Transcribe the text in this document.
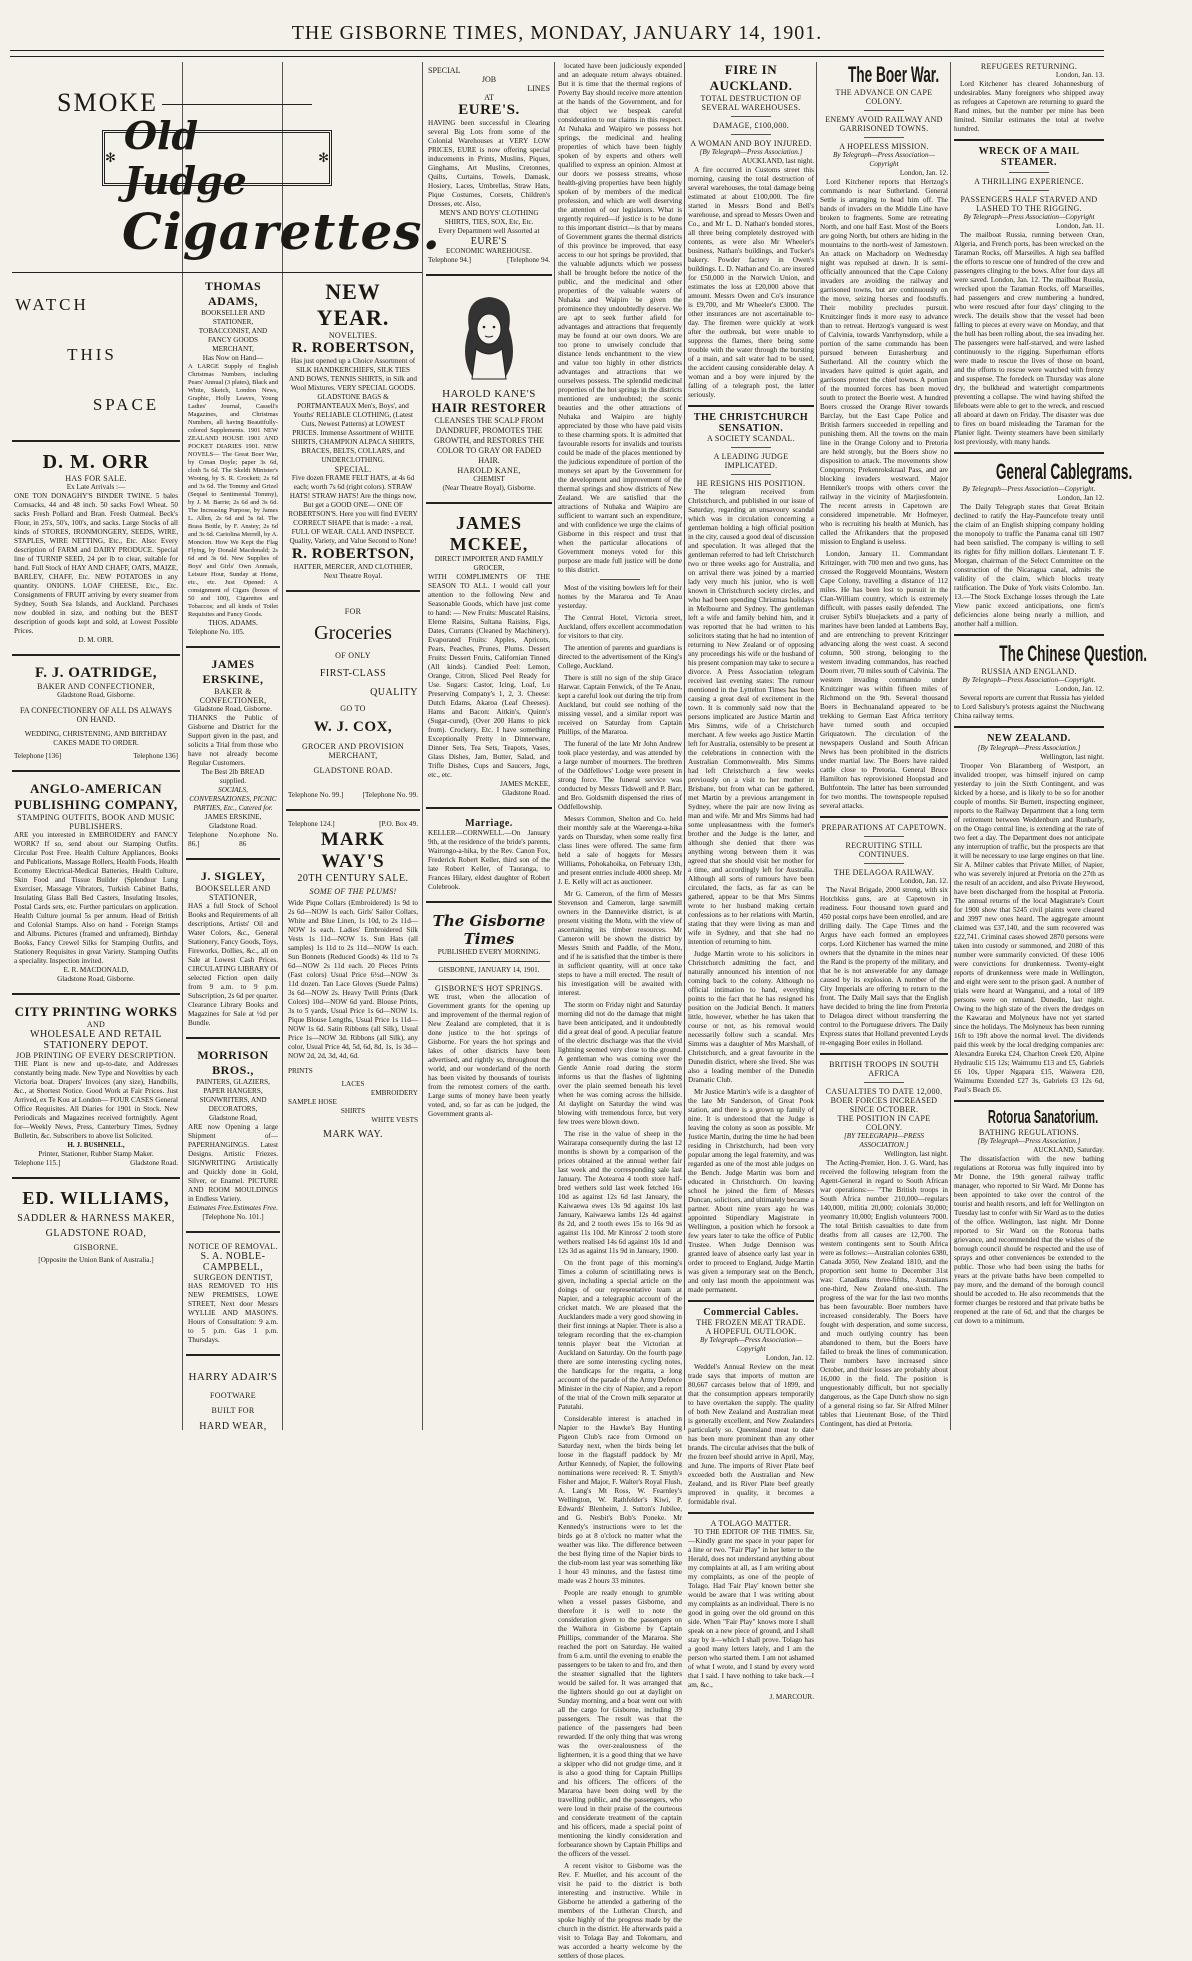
THE GISBORNE TIMES, MONDAY, JANUARY 14, 1901.
SMOKE
✻ Old Judge	✻
Cigarettes.
WATCH
THIS
SPACE
D. M. ORR
HAS FOR SALE.
Ex Late Arrivals :—
ONE TON DONAGHY'S BINDER TWINE. 5 bales Cornsacks, 44 and 48 inch. 50 sacks Fowl Wheat. 50 sacks Fresh Pollard and Bran. Fresh Oatmeal. Beck's Flour, in 25's, 50's, 100's, and sacks. Large Stocks of all kinds of STORES, IRONMONGERY, SEEDS, WIRE, STAPLES, WIRE NETTING, Etc., Etc. Also: Every description of FARM and DAIRY PRODUCE. Special line of TURNIP SEED, 24 per lb to clear, suitable for hand. Full Stock of HAY AND CHAFF, OATS, MAIZE, BARLEY, CHAFF, Etc. NEW POTATOES in any quantity. ONIONS. LOAF CHEESE, Etc., Etc. Consignments of FRUIT arriving by every steamer from Sydney, South Sea Islands, and Auckland. Purchases now doubled in size, and nothing but the BEST description of goods kept and sold, at Lowest Possible Prices.
D. M. ORR.
F. J. OATRIDGE,
BAKER AND CONFECTIONER,
Gladstone Road, Gisborne.
FA CONFECTIONERY OF ALL DS ALWAYS ON HAND.
WEDDING, CHRISTENING, AND BIRTHDAY CAKES MADE TO ORDER.
Telephone [136]	Telephone 136]
ANGLO-AMERICAN
PUBLISHING COMPANY,
STAMPING OUTFITS, BOOK AND MUSIC PUBLISHERS.
ARE you interested in EMBROIDERY and FANCY WORK? If so, send about our Stamping Outfits. Circular Post Free. Health Culture Appliances, Books and Publications, Massage Rollers, Health Foods, Health Economy Electrical-Medical Batteries, Health Culture, Skin Food and Tissue Builder (Splendour Lung Exerciser, Massage Vibrators, Turkish Cabinet Baths, Insulating Glass Ball Bed Casters, Insulating Insoles, Postal Cards sets, etc. Further particulars on application. Health Culture journal 5s per annum. Head of British and Colonial Stamps. Also on hand - Foreign Stamps and Albums. Pictures (framed and unframed), Birthday Books, Fancy Crewel Silks for Stamping Outfits, and Stationery Requisites in great Variety. Stamping Outfits a speciality. Inspection invited.
E. R. MACDONALD,
Gladstone Road, Gisborne.
CITY PRINTING WORKS
AND
WHOLESALE AND RETAIL STATIONERY DEPOT.
JOB PRINTING OF EVERY DESCRIPTION.
THE Plant is new and up-to-date, and Addresses constantly being made. New Type and Novelties by each Victoria boat. Drapers' Invoices (any size), Handbills, &c., at Shortest Notice. Good Work at Fair Prices. Just Arrived, ex Te Kou at London— FOUR CASES General Office Requisites. All Diaries for 1901 in Stock. New Periodicals and Magazines received fortnightly. Agent for—Weekly News, Press, Canterbury Times, Sydney Bulletin, &c. Subscribers to above list Solicited.
H. J. BUSHNELL,
Printer, Stationer, Rubber Stamp Maker.
Telephone 115.]	Gladstone Road.
ED. WILLIAMS,
SADDLER & HARNESS MAKER,
GLADSTONE ROAD,
GISBORNE.
[Opposite the Union Bank of Australia.]
THOMAS ADAMS,
BOOKSELLER AND STATIONER, TOBACCONIST, AND FANCY GOODS MERCHANT,
Has Now on Hand—
A LARGE Supply of English Christmas Numbers, including Pears' Annual (3 plates), Black and White, Sketch, London News, Graphic, Holly Leaves, Young Ladies' Journal, Cassell's Magazines, and Christmas Numbers, all having Beautifully-colored Supplements. 1901 NEW ZEALAND HOUSE 1901 AND POCKET DIARIES 1901. NEW NOVELS— The Great Boer War, by Conan Doyle; paper 3s 6d, cloth 5s 6d. The Skeldt Minister's Wooing, by S. R. Crockett; 2s 6d and 3s 6d. The Tommy and Grizel (Sequel to Sentimental Tommy), by J. M. Barrie; 2s 6d and 3s 6d. The Increasing Purpose, by James L. Allen, 2s 6d and 3s 6d. The Brass Bottle, by F. Anstey; 2s 6d and 3s 6d. Cariolina Merrell, by A. Moncion. How We Kept the Flag Flying, by Donald Macdonald; 2s 6d and 3s 6d. New Supplies of Boys' and Girls' Own Annuals, Leisure Hour, Sunday at Home, etc., etc. Just Opened: A consignment of Cigars (boxes of 50 and 100), Cigarettes and Tobaccos; and all kinds of Toilet Requisites and Fancy Goods.
THOS. ADAMS.
Telephone No. 105.
JAMES ERSKINE,
BAKER & CONFECTIONER,
Gladstone Road, Gisborne.
THANKS the Public of Gisborne and District for the Support given in the past, and solicits a Trial from those who have not already become Regular Customers.
The Best 2lb BREAD supplied.
SOCIALS, CONVERSAZIONES, PICNIC PARTIES, Etc., Catered for.
JAMES ERSKINE,
Gladstone Road.
Telephone No. 86.]
ephone No. 86
J. SIGLEY,
BOOKSELLER AND STATIONER,
HAS a full Stock of School Books and Requirements of all descriptions, Artists' Oil and Water Colors, &c., General Stationery, Fancy Goods, Toys, Fireworks, Dollies, &c., all on Sale at Lowest Cash Prices. CIRCULATING LIBRARY Of selected Fiction open daily from 9 a.m. to 9 p.m. Subscription, 2s 6d per quarter. Clearance Library Books and Magazines for Sale at ½d per Bundle.
MORRISON BROS.,
PAINTERS, GLAZIERS, PAPER HANGERS, SIGNWRITERS, AND DECORATORS,
Gladstone Road,
ARE now Opening a large Shipment of— PAPERHANGINGS. Latest Designs. Artistic Friezes. SIGNWRITING Artistically and Quickly done in Gold, Silver, or Enamel. PICTURE AND ROOM MOULDINGS in Endless Variety.
Estimates Free. Estimates Free.
[Telephone No. 101.]
NOTICE OF REMOVAL.
S. A. NOBLE-CAMPBELL,
SURGEON DENTIST,
HAS REMOVED TO HIS NEW PREMISES, LOWE STREET, Next door Messrs WYLLIE AND MASON'S. Hours of Consultation: 9 a.m. to 5 p.m. Gas 1 p.m. Thursdays.
HARRY ADAIR'S
FOOTWARE
BUILT FOR
HARD WEAR,
NEW YEAR.
NOVELTIES.
R. ROBERTSON,
Has just opened up a Choice Assortment of SILK HANDKERCHIEFS, SILK TIES AND BOWS, TENNIS SHIRTS, in Silk and Wool Mixtures. VERY SPECIAL GOODS. GLADSTONE BAGS & PORTMANTEAUX Men's, Boys', and Youths' RELIABLE CLOTHING, (Latest Cuts, Newest Patterns) at LOWEST PRICES. Immense Assortment of WHITE SHIRTS, CHAMPION ALPACA SHIRTS, BRACES, BELTS, COLLARS, and UNDERCLOTHING.
SPECIAL.
Five dozen FRAME FELT HATS, at 4s 6d each; worth 7s 6d (right colors). STRAW HATS! STRAW HATS! Are the things now, But get a GOOD ONE— ONE OF ROBERTSON'S. Here you will find EVERY CORRECT SHAPE that is made: - a real, FULL OF WEAR. CALL AND INSPECT. Quality, Variety, and Value Second to None!
R. ROBERTSON,
HATTER, MERCER, AND CLOTHIER,
Next Theatre Royal.
FOR
Groceries
OF ONLY
FIRST-CLASS
QUALITY
GO TO
W. J. COX,
GROCER AND PROVISION MERCHANT,
GLADSTONE ROAD.
Telephone No. 99.]	[Telephone No. 99.
Telephone 124.]	[P.O. Box 49.
MARK WAY'S
20TH CENTURY SALE.
SOME OF THE PLUMS!
Wide Pique Collars (Embroidered) 1s 9d to 2s 6d—NOW 1s each. Girls' Sailor Collars, White and Blue Linen, 1s 10d, to 2s 11d—NOW 1s each. Ladies' Embroidered Silk Vests 1s 11d—NOW 1s. Sun Hats (all samples) 1s 11d to 2s 11d—NOW 1s each. Sun Bonnets (Reduced Goods) 4s 11d to 7s 6d—NOW 2s 11d each. 20 Pieces Prints (Fast colors) Usual Price 6½d—NOW 3s 11d dozen. Tan Lace Gloves (Suede Palms) 3s 6d—NOW 2s. Heavy Twill Prints (Dark Colors) 10d—NOW 6d yard. Blouse Prints, 3s to 5 yards, Usual Price 1s 6d—NOW 1s. Pique Blouse Lengths, Usual Price 1s 11d—NOW 1s 6d. Satin Ribbons (all Silk), Usual Price 1s—NOW 3d. Ribbons (all Silk), any color, Usual Price 4d, 5d, 6d, 8d, 1s, 1s 3d—NOW 2d, 2d, 3d, 4d, 6d.
PRINTS
LACES
EMBROIDERY
SAMPLE HOSE
SHIRTS
WHITE VESTS
MARK WAY.
SPECIAL
JOB
LINES
AT
EURE'S.
HAVING been successful in Clearing several Big Lots from some of the Colonial Warehouses at VERY LOW PRICES, EURE is now offering special inducements in Prints, Muslins, Piques, Ginghams, Art Muslins, Cretonnes, Quilts, Curtains, Towels, Damask, Hosiery, Laces, Umbrellas, Straw Hats, Pique Costumes, Corsets, Children's Dresses, etc. Also,
MEN'S AND BOYS' CLOTHING SHIRTS, TIES, SOX, Etc, Etc.
Every Department well Assorted at
EURE'S
ECONOMIC WAREHOUSE.
Telephone 94.]	[Telephone 94.
HAROLD KANE'S
HAIR RESTORER
CLEANSES THE SCALP FROM DANDRUFF, PROMOTES THE GROWTH, and RESTORES THE COLOR TO GRAY OR FADED HAIR.
HAROLD KANE,
CHEMIST
(Near Theatre Royal), Gisborne.
JAMES MCKEE,
DIRECT IMPORTER AND FAMILY GROCER,
WITH COMPLIMENTS OF THE SEASON TO ALL. I would call your attention to the following New and Seasonable Goods, which have just come to hand: — New Fruits: Muscatel Raisins, Eleme Raisins, Sultana Raisins, Figs, Dates, Currants (Cleaned by Machinery). Evaporated Fruits: Apples, Apricots, Pears, Peaches, Prunes, Plums. Dessert Fruits: Dessert Fruits, Californian Tinned (All kinds). Candied Peel: Lemon, Orange, Citron, Sliced Peel Ready for Use. Sugars: Castor, Icing, Loaf, Lu Preserving Company's 1, 2, 3. Cheese: Dutch Edams, Akaroa (Leaf Cheeses). Hams and Bacon: Aitkin's, Quinn's (Sugar-cured), (Over 200 Hams to pick from). Crockery, Etc. I have something Exceptionally Pretty in Dinnerware, Dinner Sets, Tea Sets, Teapots, Vases, Glass Dishes, Jam, Butter, Salad, and Trifle Dishes, Cups and Saucers, Jugs, etc., etc.
JAMES McKEE,
Gladstone Road.
Marriage.
KELLER—CORNWELL.—On January 9th, at the residence of the bride's parents, Wairongo-a-hika, by the Rev. Canon Fox, Frederick Robert Keller, third son of the late Robert Keller, of Tauranga, to Frances Hilary, eldest daughter of Robert Colebrook.
The Gisborne Times
PUBLISHED EVERY MORNING.
GISBORNE, JANUARY 14, 1901.
GISBORNE'S HOT SPRINGS.
WE trust, when the allocation of Government grants for the opening up and improvement of the thermal region of New Zealand are completed, that it is done justice to the hot springs of Gisborne. For years the hot springs and lakes of other districts have been advertised, and rightly so, throughout the world, and our wonderland of the north has been visited by thousands of tourists from the remotest corners of the earth. Large sums of money have been yearly voted, and, so far as can be judged, the Government grants al-

located have been judiciously expended and an adequate return always obtained. But it is time that the thermal regions of Poverty Bay should receive more attention at the hands of the Government, and for that object we bespeak careful consideration to our claims in this respect. At Nuhaka and Waipiro we possess hot springs, the medicinal and healing properties of which have been highly spoken of by experts and others well qualified to express an opinion. Almost at our doors we possess streams, whose health-giving properties have been highly spoken of by members of the medical profession, and which are well deserving the attention of our legislators. What is urgently required—if justice is to be done to this important district—is that by means of Government grants the thermal districts of this province be improved, that easy access to our hot springs be provided, that the valuable adjuncts which we possess shall be brought before the notice of the public, and the medicinal and other properties of the valuable waters of Nuhaka and Waipiro be given the prominence they undoubtedly deserve. We are apt to seek further afield for advantages and attractions that frequently may be found at our own doors. We are too prone to unwisely conclude that distance lends enchantment to the view and value too highly in other districts advantages and attractions that we ourselves possess. The splendid medicinal properties of the hot springs in the districts mentioned are undoubted; the scenic beauties and the other attractions of Nuhaka and Waipiro are highly appreciated by those who have paid visits to these charming spots. It is admitted that favourable resorts for invalids and tourists could be made of the places mentioned by the judicious expenditure of portion of the moneys set apart by the Government for the development and improvement of the thermal springs and show districts of New Zealand. We are satisfied that the attractions of Nuhaka and Waipiro are sufficient to warrant such an expenditure, and with confidence we urge the claims of Gisborne in this respect and trust that when the particular allocations of Government moneys voted for this purpose are made full justice will be done to this district.

Most of the visiting bowlers left for their homes by the Mararoa and Te Anau yesterday.

The Central Hotel, Victoria street, Auckland, offers excellent accommodation for visitors to that city.

The attention of parents and guardians is directed to the advertisement of the King's College, Auckland.

There is still no sign of the ship Grace Harwar. Captain Fenwick, of the Te Anau, kept a careful look out during the trip from Auckland, but could see nothing of the missing vessel, and a similar report was received on Saturday from Captain Phillips, of the Mararoa.

The funeral of the late Mr John Andrew took place yesterday, and was attended by a large number of mourners. The brethren of the Oddfellows' Lodge were present in strong force. The funeral service was conducted by Messrs Tidswell and P. Barr, and Bro. Goldsmith dispensed the rites of Oddfellowship.

Messrs Common, Shelton and Co. held their monthly sale at the Waerenga-a-hika yards on Thursday, when some really first class lines were offered. The same firm held a sale of hoggets for Messrs Williams, Pohokahoika, on February 13th, and present entries include 4000 sheep. Mr J. E. Kelly will act as auctioneer.

Mr G. Cameron, of the firm of Messrs Stevenson and Cameron, large sawmill owners in the Dannevirke district, is at present visiting the Motu, with the view of ascertaining its timber resources. Mr Cameron will be shown the district by Messrs Smith and Paddle, of the Motu, and if he is satisfied that the timber is there in sufficient quantity, will at once take steps to have a mill erected. The result of his investigation will be awaited with interest.

The storm on Friday night and Saturday morning did not do the damage that might have been anticipated, and it undoubtedly did a great deal of good. A peculiar feature of the electric discharge was that the vivid lightning seemed very close to the ground. A gentleman who was coming over the Gentle Annie road during the storm informs us that the flashes of lightning over the plain seemed beneath his level when he was coming across the hillside. At daylight on Saturday the wind was blowing with tremendous force, but very few trees were blown down.

The rise in the value of sheep in the Wairarapa consequently during the last 12 months is shown by a comparison of the prices obtained at the annual wether fair last week and the corresponding sale last January. The Aotearoa 4 tooth store half-bred wethers sold last week fetched 16s 10d as against 12s 6d last January, the Kaiwaewa ewes 13s 9d against 10s last January, Kaiwaewa lambs 12s 4d against 8s 2d, and 2 tooth ewes 15s to 16s 9d as against 11s 10d. Mr Kinross' 2 tooth store wethers realised 14s 6d against 10s 1d and 12s 3d as against 11s 9d in January, 1900.

On the front page of this morning's Times a column of scintillating news is given, including a special article on the doings of our representative team at Napier, and a telegraphic account of the cricket match. We are pleased that the Aucklanders made a very good showing in their first innings at Napier. There is also a telegram recording that the ex-champion tennis player beat the Victorian at Auckland on Saturday. On the fourth page there are some interesting cycling notes, the handicaps for the regatta, a long account of the parade of the Army Defence Minister in the city of Napier, and a report of the trial of the Crown milk separator at Patutahi.

Considerable interest is attached in Napier to the Hawke's Bay Hunting Pigeon Club's race from Ormond on Saturday next, when the birds being let loose in the flagstaff paddock by Mr Arthur Kennedy, of Napier, the following nominations were received: R. T. Smyth's Fisher and Major, F. Walter's Royal Flush, A. Lang's Mt Ross, W. Fearnley's Wellington, W. Rathfelder's Kiwi, P. Edwards' Blenheim, J. Sutton's Jubilee, and G. Nesbit's Bob's Poneke. Mr Kennedy's instructions were to let the birds go at 8 o'clock no matter what the weather was like. The difference between the best flying time of the Napier birds to the club-room last year was something like 1 hour 43 minutes, and the fastest time made was 2 hours 33 minutes.

People are ready enough to grumble when a vessel passes Gisborne, and therefore it is well to note the consideration given to the passengers on the Waihora in Gisborne by Captain Phillips, commander of the Mararoa. She reached the port on Saturday. He waited from 6 a.m. until the evening to enable the passengers to be taken to and fro, and then the steamer signalled that the lighters would be sailed for. It was arranged that the lighters should go out at daylight on Sunday morning, and a boat went out with all the cargo for Gisborne, including 39 passengers. The result was that the patience of the passengers had been rewarded. If the only thing that was wrong was the over-zealousness of the lightermen, it is a good thing that we have a skipper who did not grudge time, and it is also a good thing for Captain Phillips and his officers. The officers of the Mararoa have been doing well by the travelling public, and the passengers, who were loud in their praise of the courteous and considerate treatment of the captain and his officers, made a special point of mentioning the kindly consideration and forbearance shown by Captain Phillips and the officers of the vessel.

A recent visitor to Gisborne was the Rev. F. Mueller, and his account of the visit he paid to the district is both interesting and instructive. While in Gisborne he attended a gathering of the members of the Lutheran Church, and spoke highly of the progress made by the church in the district. He afterwards paid a visit to Tolaga Bay and Tokomaru, and was accorded a hearty welcome by the settlers of those places.

FIRE IN AUCKLAND.
TOTAL DESTRUCTION OF SEVERAL WAREHOUSES.
DAMAGE, £100,000.
A WOMAN AND BOY INJURED.
[By Telegraph—Press Association.]
AUCKLAND, last night.

A fire occurred in Customs street this morning, causing the total destruction of several warehouses, the total damage being estimated at about £100,000. The fire started in Messrs Bond and Bell's warehouse, and spread to Messrs Owen and Co., and Mr L. D. Nathan's bonded stores, all three being completely destroyed with contents, as were also Mr Wheeler's business, Nathan's buildings, and Tucker's bakery. Powder factory in Owen's buildings. L. D. Nathan and Co. are insured for £50,000 in the Norwich Union, and estimates the loss at £20,000 above that amount. Messrs Owen and Co's insurance is £9,700, and Mr Wheeler's £3000. The other insurances are not ascertainable to-day. The firemen were quickly at work after the outbreak, but were unable to suppress the flames, there being some trouble with the water through the bursting of a main, and salt water had to be used, the accident causing considerable delay. A woman and a boy were injured by the falling of a telegraph post, the latter seriously.

THE CHRISTCHURCH SENSATION.
A SOCIETY SCANDAL.
A LEADING JUDGE IMPLICATED.
HE RESIGNS HIS POSITION.

The telegram received from Christchurch, and published in our issue of Saturday, regarding an unsavoury scandal which was in circulation concerning a gentleman holding a high official position in the city, caused a good deal of discussion and speculation. It was alleged that the gentleman referred to had left Christchurch two or three weeks ago for Australia, and on arrival there was joined by a married lady very much his junior, who is well known in Christchurch society circles, and who had been spending Christmas holidays in Melbourne and Sydney. The gentleman left a wife and family behind him, and it was reported that he had written to his solicitors stating that he had no intention of returning to New Zealand or of opposing any proceedings his wife or the husband of his present companion may take to secure a divorce. A Press Association telegram received last evening states: The rumour mentioned in the Lyttelton Times has been causing a great deal of excitement in the town. It is commonly said now that the persons implicated are Justice Martin and Mrs Simms, wife of a Christchurch merchant. A few weeks ago Justice Martin left for Australia, ostensibly to be present at the celebrations in connection with the Australian Commonwealth. Mrs Simms had left Christchurch a few weeks previously on a visit to her mother in Brisbane, but from what can be gathered, met Martin by a previous arrangement in Sydney, where the pair are now living as man and wife. Mr and Mrs Simms had had some unpleasantness with the former's brother and the Judge is the latter, and although she denied that there was anything wrong between them it was agreed that she should visit her mother for a time, and accordingly left for Australia. Although all sorts of rumours have been circulated, the facts, as far as can be gathered, appear to be that Mrs Simms wrote to her husband making certain confessions as to her relations with Martin, stating that they were living as man and wife in Sydney, and that she had no intention of returning to him.

Judge Martin wrote to his solicitors in Christchurch admitting the fact, and naturally announced his intention of not coming back to the colony. Although no official intimation to hand, everything points to the fact that he has resigned his position on the Judicial Bench. It matters little, however, whether he has taken that course or not, as his removal would necessarily follow such a scandal. Mrs Simms was a daughter of Mrs Marshall, of Christchurch, and a great favourite in the Dunedin district, where she lived. She was also a leading member of the Dunedin Dramatic Club.

Mr Justice Martin's wife is a daughter of the late Mr Sanderson, of Great Pook station, and there is a grown up family of nine. It is understood that the Judge is leaving the colony as soon as possible. Mr Justice Martin, during the time he had been residing in Christchurch, had been very popular among the legal fraternity, and was regarded as one of the most able judges on the Bench. Judge Martin was born and educated in Christchurch. On leaving school he joined the firm of Messrs Duncan, solicitors, and ultimately became a partner. About nine years ago he was appointed Stipendiary Magistrate in Wellington, a position which he forsook a few years later to take the office of Public Trustee. When Judge Dennison was granted leave of absence early last year in order to proceed to England, Judge Martin was given a temporary seat on the Bench, and only last month the appointment was made permanent.

Commercial Cables.
THE FROZEN MEAT TRADE.
A HOPEFUL OUTLOOK.
By Telegraph—Press Association—Copyright
London, Jan. 12.

Weddel's Annual Review on the meat trade says that imports of mutton are 80,667 carcases below that of 1899, and that the consumption appears temporarily to have overtaken the supply. The quality of both New Zealand and Australian meat is generally excellent, and New Zealanders particularly so. Queensland meat to date has been more prominent than any other brands. The circular advises that the bulk of the frozen beef should arrive in April, May, and June. The imports of River Plate beef exceeded both the Australian and New Zealand, and its River Plate beef greatly improved in quality, it becomes a formidable rival.

A TOLAGO MATTER.

TO THE EDITOR OF THE TIMES. Sir,—Kindly grant me space in your paper for a line or two. "Fair Play" in her letter to the Herald, does not understand anything about my complaints at all, as I am writing about my complaints, as one of the people of Tolago. Had 'Fair Play' known better she would be aware that I was writing about my complaints as an individual. There is no good in going over the old ground on this side. When "Fair Play" knows more I shall speak on a new piece of ground, and I shall stay by it—which I shall prove. Tolago has a good many letters lately, and I am the person who started them. I am not ashamed of what I wrote, and I stand by every word that I said. I have nothing to take back.—I am, &c.,

J. MARCOUR.
The Boer War.
THE ADVANCE ON CAPE COLONY.
ENEMY AVOID RAILWAY AND GARRISONED TOWNS.
A HOPELESS MISSION.
By Telegraph—Press Association—Copyright
London, Jan. 12.

Lord Kitchener reports that Hertzog's commando is near Sutherland. General Settle is arranging to head him off. The bands of invaders on the Middle Line have broken to fragments. Some are retreating North, and one half East. Most of the Boers are going North, but others are hiding in the mountains to the north-west of Jamestown. An attack on Machadorp on Wednesday night was repulsed at dawn. It is semi-officially announced that the Cape Colony invaders are avoiding the railway and garrisoned towns, but are continuously on the move, seizing horses and foodstuffs. Their mobility precludes pursuit. Kruitzinger finds it more easy to advance than to retreat. Hertzog's vanguard is west of Calvinia, towards Vanrhynsdorp, while a portion of the same commando has been pursued between Eurasherburg and Sutherland. All the country which the invaders have quitted is quiet again, and garrisons protect the chief towns. A portion of the mounted forces has been moved south to protect the Boerie west. A hundred Boers crossed the Orange River towards Barclay, but the East Cape Police and British farmers succeeded in repelling and punishing them. All the towns on the main line in the Orange Colony and to Pretoria are held strongly, but the Boers show no disposition to attack. The movements show Conquerors; Prekenrokskraal Pass, and are blocking invaders westward. Major Henniker's troops with others cover the railway in the vicinity of Marjiesfontein. The recent arrests in Capetown are considered impenetrable. Mr Hofmeyer, who is recruiting his health at Munich, has called the Afrikanders that the proposed mission to England is useless.

London, January 11. Commandant Kritzinger, with 700 men and two guns, has crossed the Roggeveld Mountains, Western Cape Colony, travelling a distance of 112 miles. He has been lost to pursuit in the Clan-William country, which is extremely difficult, with passes easily defended. The cruiser Sybil's bluejackets and a party of marines have been landed at Lamberts Bay, and are entrenching to prevent Kritzinger advancing along the west coast. A second column, 500 strong, belonging to the western invading commandos, has reached Doorn river, 70 miles south of Calvinia. The western invading commando under Kruitzinger was within fifteen miles of Richmond on the 9th. Several thousand Boers in Bechuanaland appeared to be trekking to German East Africa territory have turned south and occupied Griquatown. The circulation of the newspapers Ousland and South African News has been prohibited in the districts under martial law. The Boers have raided cattle close to Pretoria. General Bruce Hamilton has reprovisioned Hoopstad and Bultfontein. The latter has been surrounded for two months. The townspeople repulsed several attacks.

PREPARATIONS AT CAPETOWN.
RECRUITING STILL CONTINUES.
THE DELAGOA RAILWAY.
London, Jan. 12.

The Naval Brigade, 2000 strong, with six Hotchkiss guns, are at Capetown in readiness. Four thousand town guard and 450 postal corps have been enrolled, and are drilling daily. The Cape Times and the Argus have each formed an employees corps. Lord Kitchener has warned the mine owners that the dynamite in the mines near the Rand is the property of the military, and that he is not answerable for any damage caused by its explosion. A number of the City Imperials are offering to return to the front. The Daily Mail says that the English have decided to bring the line from Pretoria to Delagoa direct without transferring the control to the Portuguese drivers. The Daily Express states that Holland prevented Leyds re-engaging Boer exiles in Holland.

BRITISH TROOPS IN SOUTH AFRICA
CASUALTIES TO DATE 12,000.
BOER FORCES INCREASED SINCE OCTOBER.
THE POSITION IN CAPE COLONY.
[BY TELEGRAPH—PRESS ASSOCIATION.]
Wellington, last night.

The Acting-Premier, Hon. J. G. Ward, has received the following telegram from the Agent-General in regard to South African war operations:— "The British troops in South Africa number 210,000—regulars 140,000, militia 20,000; colonials 30,000; yeomanry 10,000; English volunteers 7000. The total British casualties to date from deaths from all causes are 12,700. The western contingents sent to South Africa were as follows:—Australian colonies 6380, Canada 3050, New Zealand 1810, and the proportion sent home to December 31st was: Canadians three-fifths, Australians one-third, New Zealand one-sixth. The progress of the war for the last two months has been favourable. Boer numbers have increased considerably. The Boers have fought with desperation, and some success, and much outlying country has been abandoned to them, but the Boers have failed to break the lines of communication. Their numbers have increased since October, and their losses are probably about 16,000 in the field. The position is unquestionably difficult, but not specially dangerous, as the Cape Dutch show no sign of a general rising so far. Sir Alfred Milner tables that Lieutenant Bose, of the Third Contingent, has died at Pretoria.

REFUGEES RETURNING.
London, Jan. 13.

Lord Kitchener has cleared Johannesburg of undesirables. Many foreigners who shipped away as refugees at Capetown are returning to guard the Rand mines, but the number per mine has been limited. Similar estimates the total at twelve hundred.

WRECK OF A MAIL STEAMER.
A THRILLING EXPERIENCE.
PASSENGERS HALF STARVED AND LASHED TO THE RIGGING.
By Telegraph—Press Association—Copyright
London, Jan. 11.

The mailboat Russia, running between Oran, Algeria, and French ports, has been wrecked on the Taraman Rocks, off Marseilles. A high sea baffled the efforts to rescue one of hundred of the crew and passengers clinging to the bows. After four days all were saved. London, Jan. 12. The mailboat Russia, wrecked upon the Taraman Rocks, off Marseilles, had passengers and crew numbering a hundred, who were rescued after four days' clinging to the wreck. The details show that the vessel had been falling to pieces at every wave on Monday, and that the hull has been rolling about, the sea invading her. The passengers were half-starved, and were lashed continuously to the rigging. Superhuman efforts were made to rescue the lives of those on board, and the efforts to rescue were watched with frenzy and suspense. The foredeck on Thursday was alone dry, the bulkhead and watertight compartments preventing a collapse. The wind having shifted the lifeboats were able to get to the wreck, and rescued all aboard at dawn on Friday. The disaster was due to fires on board misleading the Taraman for the Planier light. Twenty steamers have been similarly lost previously, with many hands.

General Cablegrams.
By Telegraph—Press Association—Copyright.
London, Jan 12.

The Daily Telegraph states that Great Britain declined to ratify the Hay-Pauncefote treaty until the claim of an English shipping company holding the monopoly to traffic the Panama canal till 1907 had been satisfied. The company is willing to sell its rights for fifty million dollars. Lieutenant T. F. Morgan, chairman of the Select Committee on the construction of the Nicaragua canal, admits the validity of the claim, which blocks treaty ratification. The Duke of York visits Colombo. Jan. 13.—The Stock Exchange losses through the Late View panic exceed anticipations, one firm's deficiencies alone being nearly a million, and another half a million.

The Chinese Question.
RUSSIA AND ENGLAND.
By Telegraph—Press Association—Copyright.
London, Jan. 12.

Several reports are current that Russia has yielded to Lord Salisbury's protests against the Niuchwang China railway terms.

NEW ZEALAND.
[By Telegraph—Press Association.]
Wellington, last night.

Trooper Von Blaramberg of Westport, an invalided trooper, was himself injured on camp yesterday to join the Sixth Contingent, and was kicked by a horse, and is likely to be so for another couple of months. Sir Burnett, inspecting engineer, reports to the Railway Department that a long term of retirement between Weddenburn and Runbarly, on the Otago central line, is extending at the rate of two feet a day. The Department does not anticipate any interruption of traffic, but the prospects are that it will be necessary to use large engines on that line. Sir A. Milner cables that Private Miller, of Napier, who was severely injured at Pretoria on the 27th as the result of an accident, and also Private Heywood, have been discharged from the hospital at Pretoria. The annual returns of the local Magistrate's Court for 1900 show that 5245 civil plaints were cleared and 3997 new ones heard. The aggregate amount claimed was £37,140, and the sum recovered was £22,741. Criminal cases showed 2870 persons were taken into custody or summoned, and 2080 of this number were summarily convicted. Of these 1006 were convictions for drunkenness. Twenty-eight reports of drunkenness were made in Wellington, and eight were sent to the prison gaol. A number of trials were heard at Wanganui, and a total of 189 persons were on remand. Dunedin, last night. Owing to the high state of the rivers the dredges on the Kawarau and Molyneux have not yet started since the holidays. The Molyneux has been running 16ft to 19ft above the normal level. The dividends paid this week by the local dredging companies are: Alexandra Eureka £24, Charlton Creek £20, Alpine Hydraulic £15 12s; Waimumu £13 and £5, Gabriels £6 10s, Upper Ngapara £15, Waiwera £20, Waimumu Extended £27 3s, Gabriels £3 12s 6d, Paul's Beach £6.

Rotorua Sanatorium.
BATHING REGULATIONS.
[By Telegraph—Press Association.]
AUCKLAND, Saturday.

The dissatisfaction with the new bathing regulations at Rotorua was fully inquired into by Mr Donne, the 19th general railway traffic manager, who reported to Sir Ward. Mr Donne has been appointed to take over the control of the tourist and health resorts, and left for Wellington on Tuesday last to confer with Sir Ward as to the duties of the office. Wellington, last night. Mr Donne reported to Sir Ward on the Rotorua baths grievance, and recommended that the wishes of the borough council should be respected and the use of sprays and other conveniences be extended to the public. Those who had been using the baths for years at the private baths have been compelled to pay more, and the demand of the borough council should be acceded to. He also recommends that the former charges be restored and that private baths be reopened at the rate of 6d, and that the charges be cut down to a minimum.
